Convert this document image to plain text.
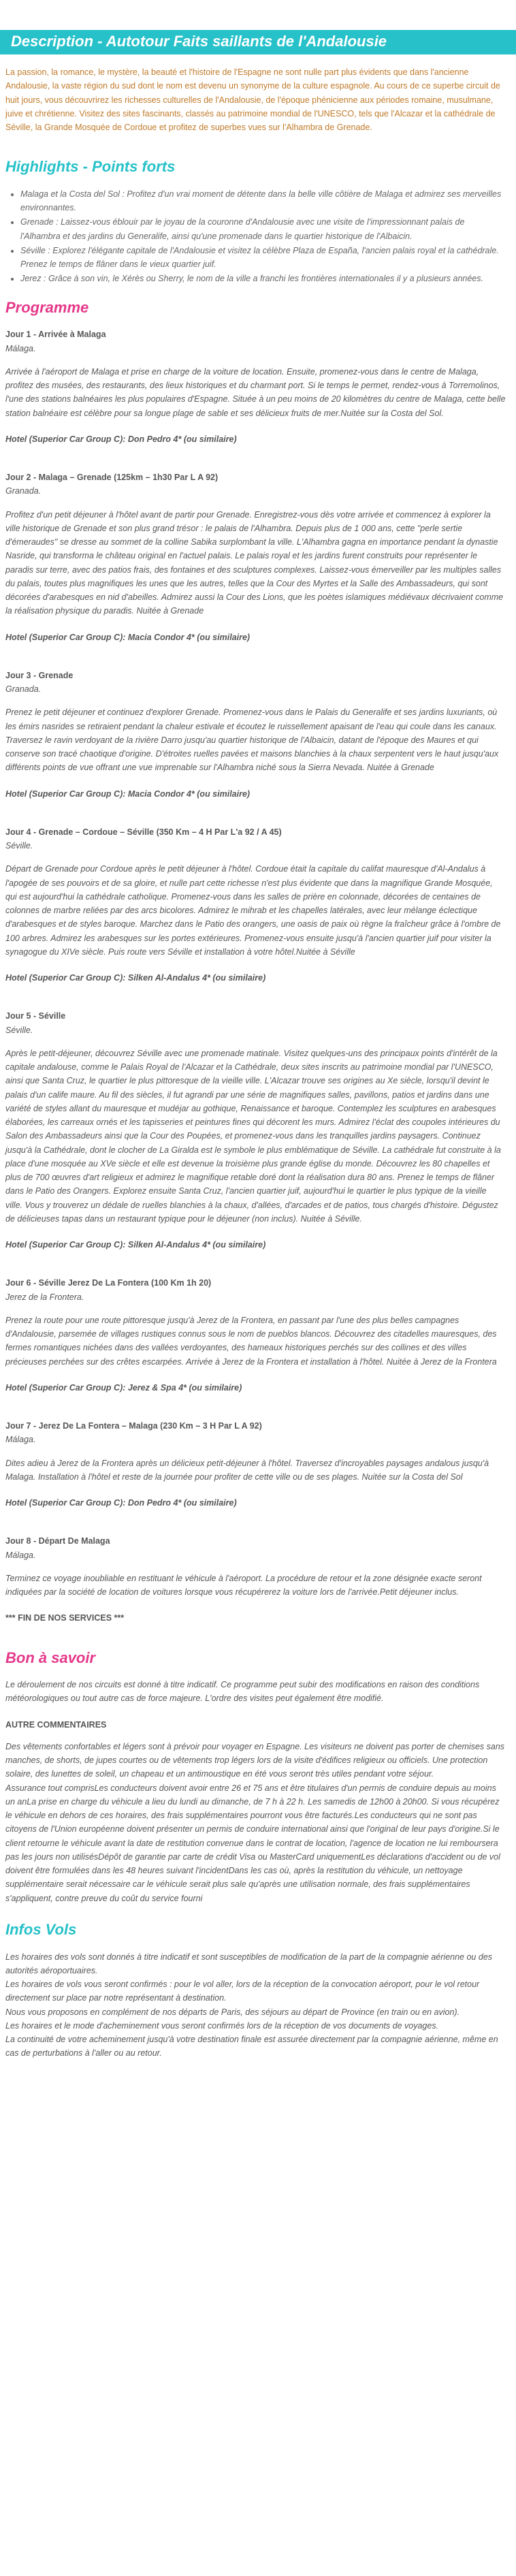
Description - Autotour Faits saillants de l'Andalousie

La passion, la romance, le mystère, la beauté et l'histoire de l'Espagne ne sont nulle part plus évidents que dans l'ancienne Andalousie, la vaste région du sud dont le nom est devenu un synonyme de la culture espagnole. Au cours de ce superbe circuit de huit jours, vous découvrirez les richesses culturelles de l'Andalousie, de l'époque phénicienne aux périodes romaine, musulmane, juive et chrétienne. Visitez des sites fascinants, classés au patrimoine mondial de l'UNESCO, tels que l'Alcazar et la cathédrale de Séville, la Grande Mosquée de Cordoue et profitez de superbes vues sur l'Alhambra de Grenade.

Highlights - Points forts
• Malaga et la Costa del Sol : Profitez d'un vrai moment de détente dans la belle ville côtière de Malaga et admirez ses merveilles environnantes.
• Grenade : Laissez-vous éblouir par le joyau de la couronne d'Andalousie avec une visite de l'impressionnant palais de l'Alhambra et des jardins du Generalife, ainsi qu'une promenade dans le quartier historique de l'Albaicin.
• Séville : Explorez l'élégante capitale de l'Andalousie et visitez la célèbre Plaza de España, l'ancien palais royal et la cathédrale. Prenez le temps de flâner dans le vieux quartier juif.
• Jerez : Grâce à son vin, le Xérès ou Sherry, le nom de la ville a franchi les frontières internationales il y a plusieurs années.
Programme

Jour 1 - Arrivée à Malaga

Málaga.

Arrivée à l'aéroport de Malaga et prise en charge de la voiture de location. Ensuite, promenez-vous dans le centre de Malaga, profitez des musées, des restaurants, des lieux historiques et du charmant port. Si le temps le permet, rendez-vous à Torremolinos, l'une des stations balnéaires les plus populaires d'Espagne. Située à un peu moins de 20 kilomètres du centre de Malaga, cette belle station balnéaire est célèbre pour sa longue plage de sable et ses délicieux fruits de mer.Nuitée sur la Costa del Sol.

Hotel (Superior Car Group C): Don Pedro 4* (ou similaire)

Jour 2 - Malaga – Grenade (125km – 1h30 Par L A 92)

Granada.

Profitez d'un petit déjeuner à l'hôtel avant de partir pour Grenade. Enregistrez-vous dès votre arrivée et commencez à explorer la ville historique de Grenade et son plus grand trésor : le palais de l'Alhambra. Depuis plus de 1 000 ans, cette "perle sertie d'émeraudes" se dresse au sommet de la colline Sabika surplombant la ville. L'Alhambra gagna en importance pendant la dynastie Nasride, qui transforma le château original en l'actuel palais. Le palais royal et les jardins furent construits pour représenter le paradis sur terre, avec des patios frais, des fontaines et des sculptures complexes. Laissez-vous émerveiller par les multiples salles du palais, toutes plus magnifiques les unes que les autres, telles que la Cour des Myrtes et la Salle des Ambassadeurs, qui sont décorées d'arabesques en nid d'abeilles. Admirez aussi la Cour des Lions, que les poètes islamiques médiévaux décrivaient comme la réalisation physique du paradis. Nuitée à Grenade

Hotel (Superior Car Group C): Macia Condor 4* (ou similaire)

Jour 3 - Grenade

Granada.

Prenez le petit déjeuner et continuez d'explorer Grenade. Promenez-vous dans le Palais du Generalife et ses jardins luxuriants, où les émirs nasrides se retiraient pendant la chaleur estivale et écoutez le ruissellement apaisant de l'eau qui coule dans les canaux. Traversez le ravin verdoyant de la rivière Darro jusqu'au quartier historique de l'Albaicin, datant de l'époque des Maures et qui conserve son tracé chaotique d'origine. D'étroites ruelles pavées et maisons blanchies à la chaux serpentent vers le haut jusqu'aux différents points de vue offrant une vue imprenable sur l'Alhambra niché sous la Sierra Nevada. Nuitée à Grenade

Hotel (Superior Car Group C): Macia Condor 4* (ou similaire)

Jour 4 - Grenade – Cordoue – Séville (350 Km – 4 H Par L'a 92 / A 45)

Séville.

Départ de Grenade pour Cordoue après le petit déjeuner à l'hôtel. Cordoue était la capitale du califat mauresque d'Al-Andalus à l'apogée de ses pouvoirs et de sa gloire, et nulle part cette richesse n'est plus évidente que dans la magnifique Grande Mosquée, qui est aujourd'hui la cathédrale catholique. Promenez-vous dans les salles de prière en colonnade, décorées de centaines de colonnes de marbre reliées par des arcs bicolores. Admirez le mihrab et les chapelles latérales, avec leur mélange éclectique d'arabesques et de styles baroque. Marchez dans le Patio des orangers, une oasis de paix où règne la fraîcheur grâce à l'ombre de 100 arbres. Admirez les arabesques sur les portes extérieures. Promenez-vous ensuite jusqu'à l'ancien quartier juif pour visiter la synagogue du XIVe siècle. Puis route vers Séville et installation à votre hôtel.Nuitée à Séville

Hotel (Superior Car Group C): Silken Al-Andalus 4* (ou similaire)

Jour 5 - Séville

Séville.

Après le petit-déjeuner, découvrez Séville avec une promenade matinale. Visitez quelques-uns des principaux points d'intérêt de la capitale andalouse, comme le Palais Royal de l'Alcazar et la Cathédrale, deux sites inscrits au patrimoine mondial par l'UNESCO, ainsi que Santa Cruz, le quartier le plus pittoresque de la vieille ville. L'Alcazar trouve ses origines au Xe siècle, lorsqu'il devint le palais d'un calife maure. Au fil des siècles, il fut agrandi par une série de magnifiques salles, pavillons, patios et jardins dans une variété de styles allant du mauresque et mudéjar au gothique, Renaissance et baroque. Contemplez les sculptures en arabesques élaborées, les carreaux ornés et les tapisseries et peintures fines qui décorent les murs. Admirez l'éclat des coupoles intérieures du Salon des Ambassadeurs ainsi que la Cour des Poupées, et promenez-vous dans les tranquilles jardins paysagers. Continuez jusqu'à la Cathédrale, dont le clocher de La Giralda est le symbole le plus emblématique de Séville. La cathédrale fut construite à la place d'une mosquée au XVe siècle et elle est devenue la troisième plus grande église du monde. Découvrez les 80 chapelles et plus de 700 œuvres d'art religieux et admirez le magnifique retable doré dont la réalisation dura 80 ans. Prenez le temps de flâner dans le Patio des Orangers. Explorez ensuite Santa Cruz, l'ancien quartier juif, aujourd'hui le quartier le plus typique de la vieille ville. Vous y trouverez un dédale de ruelles blanchies à la chaux, d'allées, d'arcades et de patios, tous chargés d'histoire. Dégustez de délicieuses tapas dans un restaurant typique pour le déjeuner (non inclus). Nuitée à Séville.

Hotel (Superior Car Group C): Silken Al-Andalus 4* (ou similaire)

Jour 6 - Séville Jerez De La Fontera (100 Km 1h 20)

Jerez de la Frontera.

Prenez la route pour une route pittoresque jusqu'à Jerez de la Frontera, en passant par l'une des plus belles campagnes d'Andalousie, parsemée de villages rustiques connus sous le nom de pueblos blancos. Découvrez des citadelles mauresques, des fermes romantiques nichées dans des vallées verdoyantes, des hameaux historiques perchés sur des collines et des villes précieuses perchées sur des crêtes escarpées. Arrivée à Jerez de la Frontera et installation à l'hôtel. Nuitée à Jerez de la Frontera

Hotel (Superior Car Group C): Jerez & Spa 4* (ou similaire)

Jour 7 - Jerez De La Fontera – Malaga (230 Km – 3 H Par L A 92)

Málaga.

Dites adieu à Jerez de la Frontera après un délicieux petit-déjeuner à l'hôtel. Traversez d'incroyables paysages andalous jusqu'à Malaga. Installation à l'hôtel et reste de la journée pour profiter de cette ville ou de ses plages. Nuitée sur la Costa del Sol

Hotel (Superior Car Group C): Don Pedro 4* (ou similaire)

Jour 8 - Départ De Malaga

Málaga.

Terminez ce voyage inoubliable en restituant le véhicule à l'aéroport. La procédure de retour et la zone désignée exacte seront indiquées par la société de location de voitures lorsque vous récupérerez la voiture lors de l'arrivée.Petit déjeuner inclus.

*** FIN DE NOS SERVICES ***

Bon à savoir

Le déroulement de nos circuits est donné à titre indicatif. Ce programme peut subir des modifications en raison des conditions météorologiques ou tout autre cas de force majeure. L'ordre des visites peut également être modifié.

AUTRE COMMENTAIRES

Des vêtements confortables et légers sont à prévoir pour voyager en Espagne. Les visiteurs ne doivent pas porter de chemises sans manches, de shorts, de jupes courtes ou de vêtements trop légers lors de la visite d'édifices religieux ou officiels. Une protection solaire, des lunettes de soleil, un chapeau et un antimoustique en été vous seront très utiles pendant votre séjour.

Assurance tout comprisLes conducteurs doivent avoir entre 26 et 75 ans et être titulaires d'un permis de conduire depuis au moins un anLa prise en charge du véhicule a lieu du lundi au dimanche, de 7 h à 22 h. Les samedis de 12h00 à 20h00. Si vous récupérez le véhicule en dehors de ces horaires, des frais supplémentaires pourront vous être facturés.Les conducteurs qui ne sont pas citoyens de l'Union européenne doivent présenter un permis de conduire international ainsi que l'original de leur pays d'origine.Si le client retourne le véhicule avant la date de restitution convenue dans le contrat de location, l'agence de location ne lui remboursera pas les jours non utilisésDépôt de garantie par carte de crédit Visa ou MasterCard uniquementLes déclarations d'accident ou de vol doivent être formulées dans les 48 heures suivant l'incidentDans les cas où, après la restitution du véhicule, un nettoyage supplémentaire serait nécessaire car le véhicule serait plus sale qu'après une utilisation normale, des frais supplémentaires s'appliquent, contre preuve du coût du service fourni

Infos Vols

Les horaires des vols sont donnés à titre indicatif et sont susceptibles de modification de la part de la compagnie aérienne ou des autorités aéroportuaires.

Les horaires de vols vous seront confirmés : pour le vol aller, lors de la réception de la convocation aéroport, pour le vol retour directement sur place par notre représentant à destination.

Nous vous proposons en complément de nos départs de Paris, des séjours au départ de Province (en train ou en avion).

Les horaires et le mode d'acheminement vous seront confirmés lors de la réception de vos documents de voyages.

La continuité de votre acheminement jusqu'à votre destination finale est assurée directement par la compagnie aérienne, même en cas de perturbations à l'aller ou au retour.
